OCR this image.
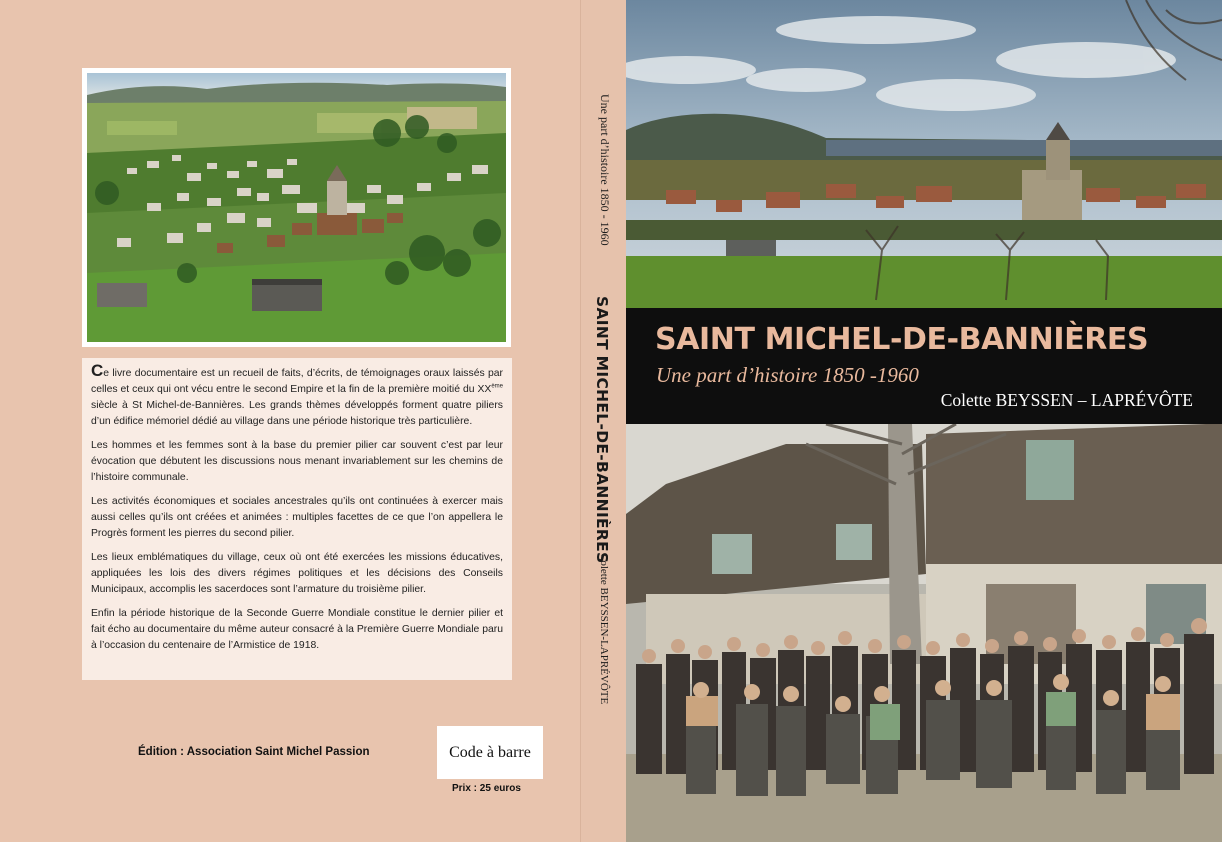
Ce livre documentaire est un recueil de faits, d’écrits, de témoignages oraux laissés par celles et ceux qui ont vécu entre le second Empire et la fin de la première moitié du XXème siècle à St Michel-de-Bannières. Les grands thèmes développés forment quatre piliers d’un édifice mémoriel dédié au village dans une période historique très particulière.

Les hommes et les femmes sont à la base du premier pilier car souvent c’est par leur évocation que débutent les discussions nous menant invariablement sur les chemins de l’histoire communale.

Les activités économiques et sociales ancestrales qu’ils ont continuées à exercer mais aussi celles qu’ils ont créées et animées : multiples facettes de ce que l’on appellera le Progrès forment les pierres du second pilier.

Les lieux emblématiques du village, ceux où ont été exercées les missions éducatives, appliquées les lois des divers régimes politiques et les décisions des Conseils Municipaux, accomplis les sacerdoces sont l’armature du troisième pilier.

Enfin la période historique de la Seconde Guerre Mondiale constitue le dernier pilier et fait écho au documentaire du même auteur consacré à la Première Guerre Mondiale paru à l’occasion du centenaire de l’Armistice de 1918.

Édition : Association Saint Michel Passion	Code à barre
Prix : 25 euros
Une part d’histoire 1850 - 1960
SAINT MICHEL-DE-BANNIÈRES
Colette BEYSSEN-LAPRÉVÔTE
SAINT MICHEL-DE-BANNIÈRES
Une part d’histoire 1850 -1960
Colette BEYSSEN – LAPRÉVÔTE
